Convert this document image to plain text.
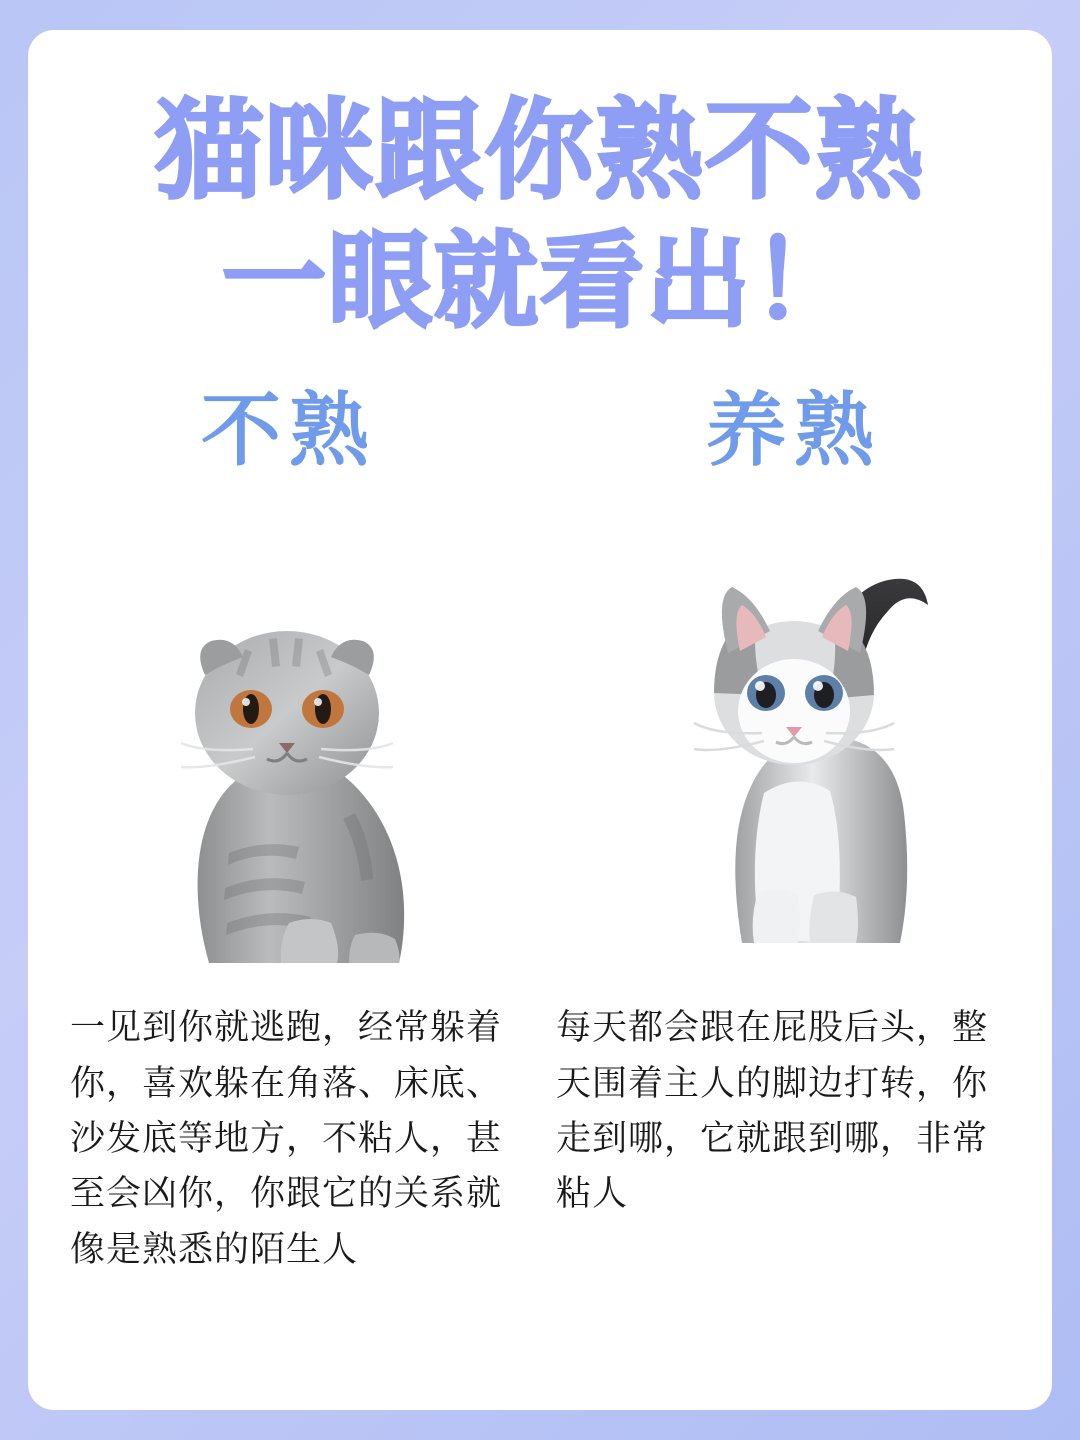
猫咪跟你熟不熟
一眼就看出！
不熟	养熟
一见到你就逃跑，经常躲着你，喜欢躲在角落、床底、沙发底等地方，不粘人，甚至会凶你，你跟它的关系就像是熟悉的陌生人
每天都会跟在屁股后头，整天围着主人的脚边打转，你走到哪，它就跟到哪，非常粘人
